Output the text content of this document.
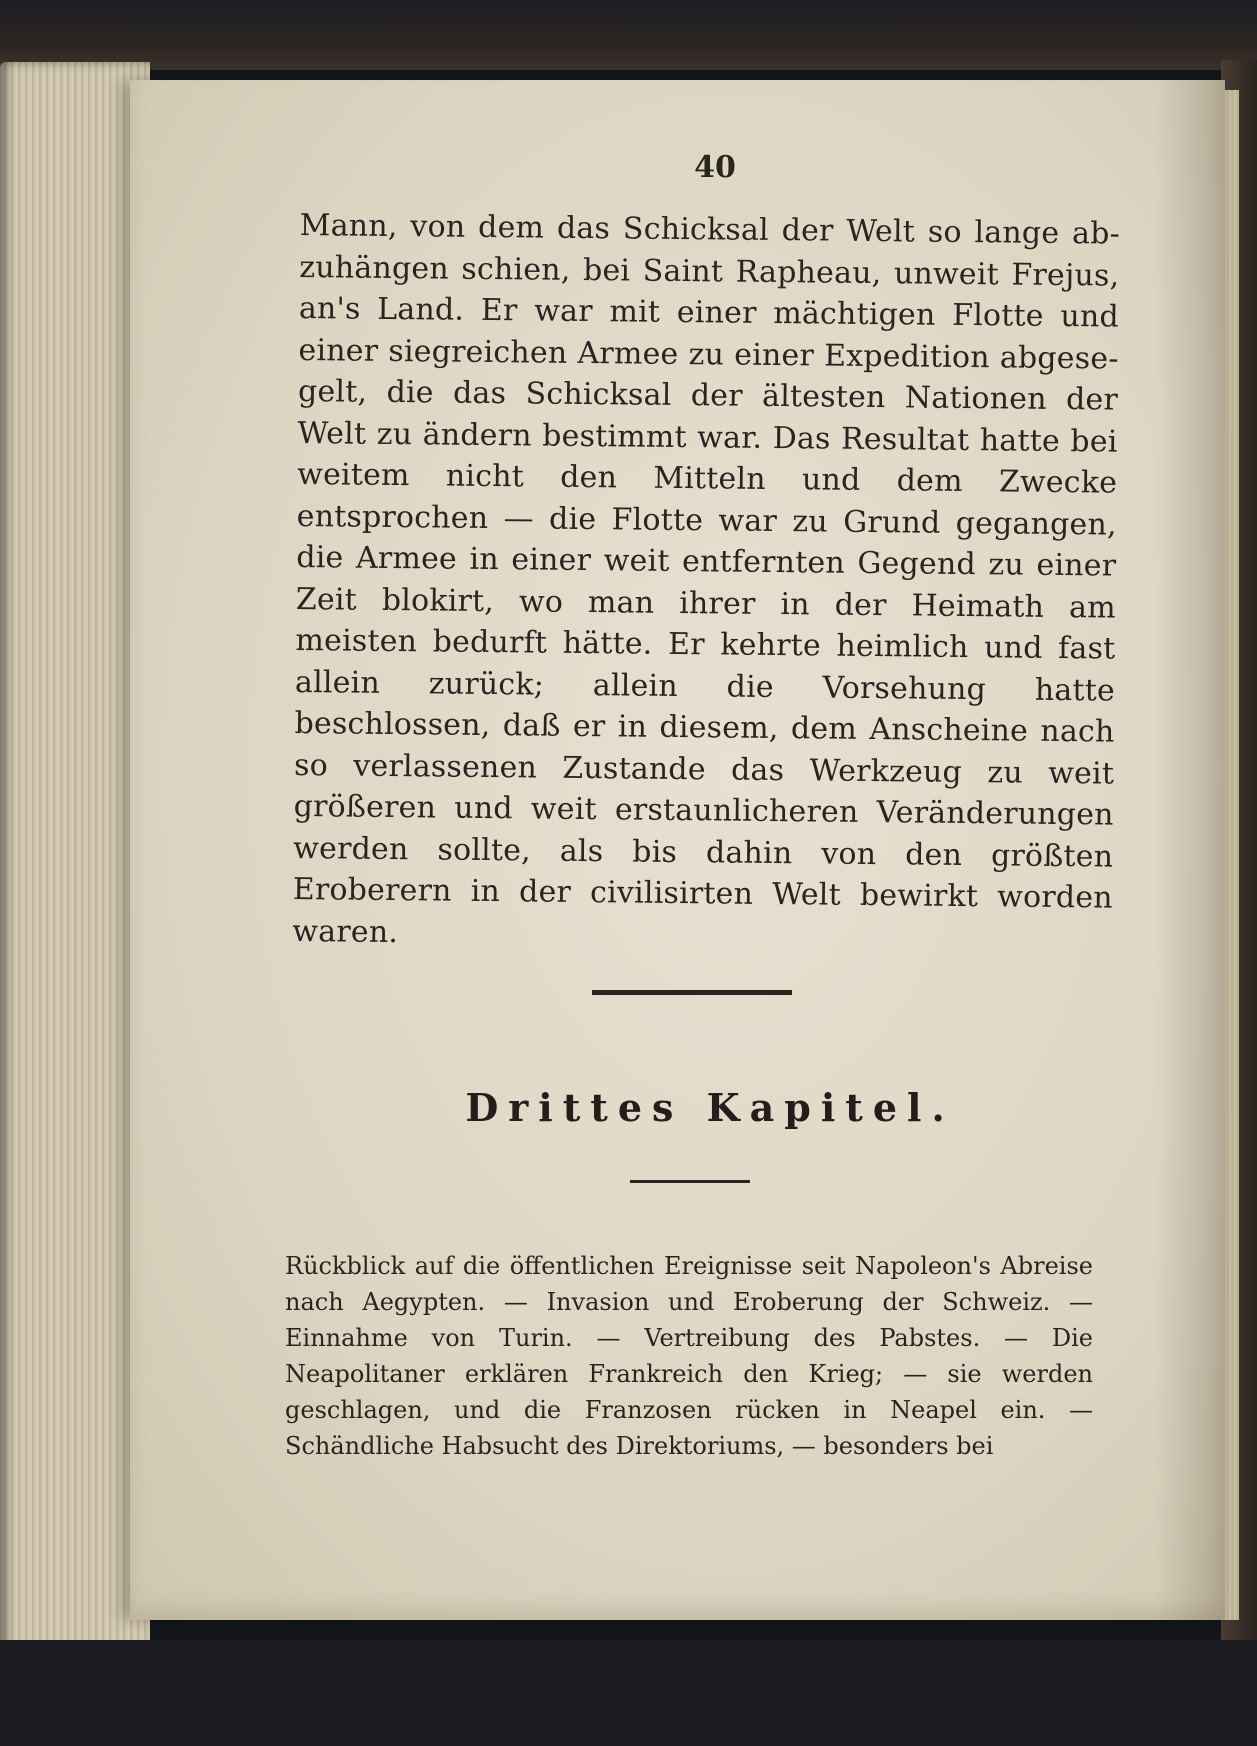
40

Mann, von dem das Schicksal der Welt so lange abzuhängen schien, bei Saint Rapheau, unweit Frejus, an's Land. Er war mit einer mächtigen Flotte und einer siegreichen Armee zu einer Expedition abgesegelt, die das Schicksal der ältesten Nationen der Welt zu ändern bestimmt war. Das Resultat hatte bei weitem nicht den Mitteln und dem Zwecke entsprochen — die Flotte war zu Grund gegangen, die Armee in einer weit entfernten Gegend zu einer Zeit blokirt, wo man ihrer in der Heimath am meisten bedurft hätte. Er kehrte heimlich und fast allein zurück; allein die Vorsehung hatte beschlossen, daß er in diesem, dem Anscheine nach so verlassenen Zustande das Werkzeug zu weit größeren und weit erstaunlicheren Veränderungen werden sollte, als bis dahin von den größten Eroberern in der civilisirten Welt bewirkt worden waren.

Drittes Kapitel.

Rückblick auf die öffentlichen Ereignisse seit Napoleon's Abreise nach Aegypten. — Invasion und Eroberung der Schweiz. — Einnahme von Turin. — Vertreibung des Pabstes. — Die Neapolitaner erklären Frankreich den Krieg; — sie werden geschlagen, und die Franzosen rücken in Neapel ein. — Schändliche Habsucht des Direktoriums, — besonders bei
